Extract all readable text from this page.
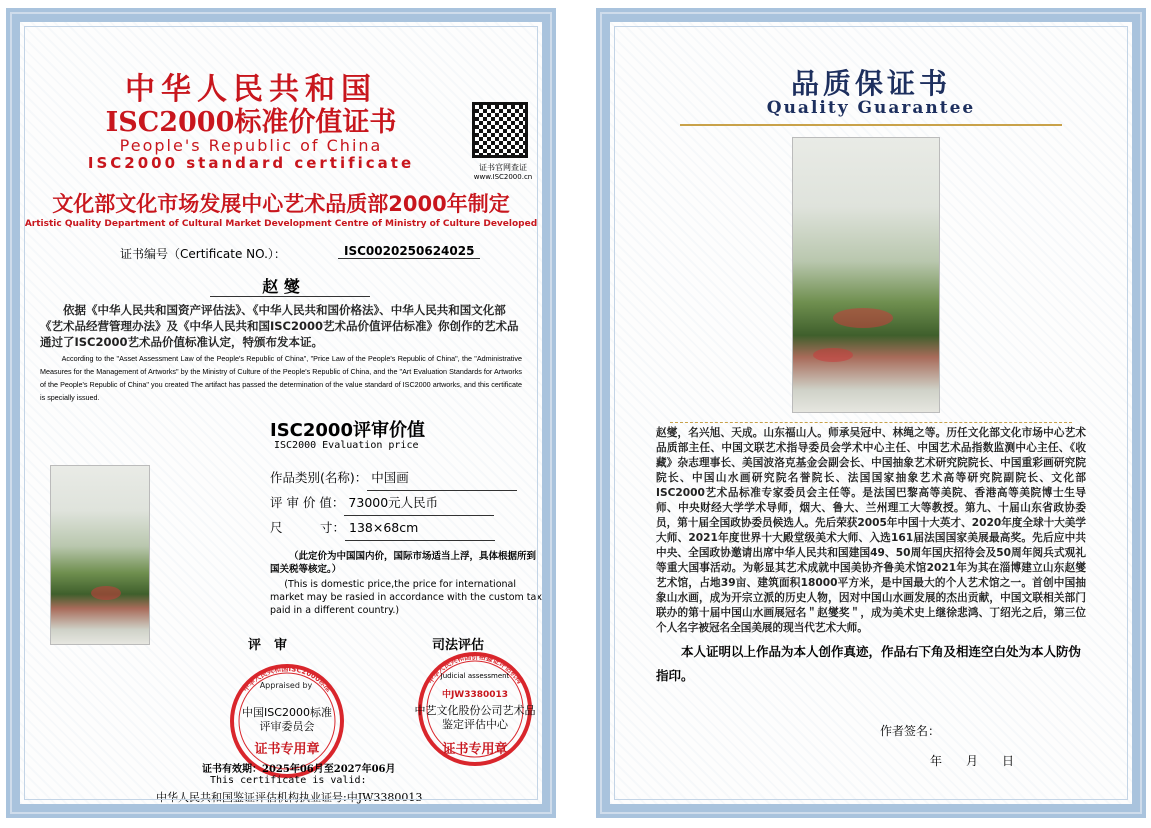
中华人民共和国
ISC2000标准价值证书
People's Republic of China
ISC2000 standard certificate	证书官网查证
www.ISC2000.cn
文化部文化市场发展中心艺术品质部2000年制定
Artistic Quality Department of Cultural Market Development Centre of Ministry of Culture Developed
证书编号（Certificate NO.）：	ISC0020250624025
赵 燮
依据《中华人民共和国资产评估法》、《中华人民共和国价格法》、中华人民共和国文化部《艺术品经营管理办法》及《中华人民共和国ISC2000艺术品价值评估标准》你创作的艺术品通过了ISC2000艺术品价值标准认定，特颁布发本证。
According to the "Asset Assessment Law of the People's Republic of China", "Price Law of the People's Republic of China", the "Administrative Measures for the Management of Artworks" by the Ministry of Culture of the People's Republic of China, and the "Art Evaluation Standards for Artworks of the People's Republic of China" you created The artifact has passed the determination of the value standard of ISC2000 artworks, and this certificate is specially issued.
ISC2000评审价值
ISC2000 Evaluation price
作品类别(名称)： 中国画
评 审 价 值： 73000元人民币
尺　　　寸： 138×68cm
（此定价为中国国内价，国际市场适当上浮，具体根据所到国关税等核定。）
(This is domestic price,the price for international market may be rasied in accordance with the custom tax paid in a different country.)
评　审	司法评估
中华人民共和国ISC2000标准
Appraised by
中国ISC2000标准
评审委员会
证书专用章
中华人民共和国价格鉴证评估机构
Judicial assessment
中JW3380013
中艺文化股份公司艺术品
鉴定评估中心
证书专用章
证书有效期：2025年06月至2027年06月
This certificate is valid:
中华人民共和国鉴证评估机构执业证号:中JW3380013
品质保证书
Quality Guarantee
赵燮，名兴旭、天成。山东福山人。师承吴冠中、林绳之等。历任文化部文化市场中心艺术品质部主任、中国文联艺术指导委员会学术中心主任、中国艺术品指数监测中心主任、《收藏》杂志理事长、美国波洛克基金会副会长、中国抽象艺术研究院院长、中国重彩画研究院院长、中国山水画研究院名誉院长、法国国家抽象艺术高等研究院副院长、文化部ISC2000艺术品标准专家委员会主任等。是法国巴黎高等美院、香港高等美院博士生导师、中央财经大学学术导师，烟大、鲁大、兰州理工大等教授。第九、十届山东省政协委员，第十届全国政协委员候选人。先后荣获2005年中国十大英才、2020年度全球十大美学大师、2021年度世界十大殿堂级美术大师、入选161届法国国家美展最高奖。先后应中共中央、全国政协邀请出席中华人民共和国建国49、50周年国庆招待会及50周年阅兵式观礼等重大国事活动。为彰显其艺术成就中国美协齐鲁美术馆2021年为其在淄博建立山东赵燮艺术馆，占地39亩、建筑面积18000平方米，是中国最大的个人艺术馆之一。首创中国抽象山水画，成为开宗立派的历史人物，因对中国山水画发展的杰出贡献，中国文联相关部门联办的第十届中国山水画展冠名＂赵燮奖＂，成为美术史上继徐悲鸿、丁绍光之后，第三位个人名字被冠名全国美展的现当代艺术大师。
本人证明以上作品为本人创作真迹，作品右下角及相连空白处为本人防伪指印。
作者签名：
年　　月　　日
